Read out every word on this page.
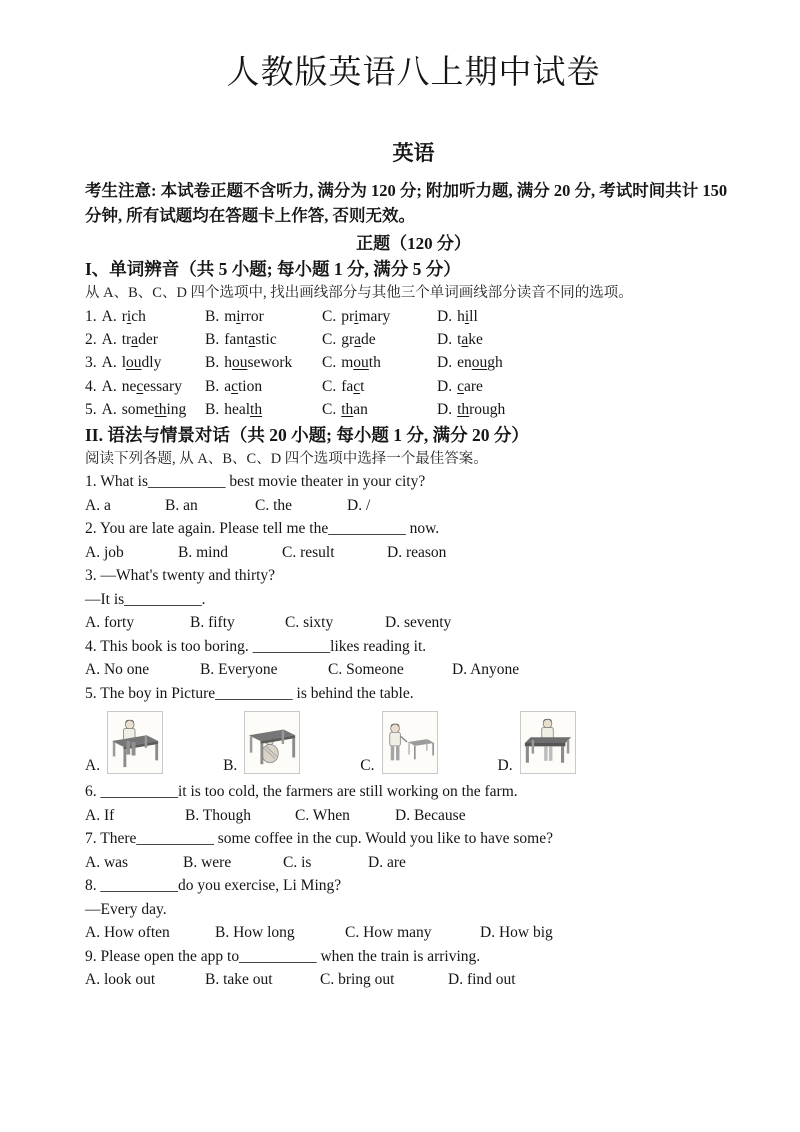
人教版英语八上期中试卷
英语

考生注意: 本试卷正题不含听力, 满分为 120 分; 附加听力题, 满分 20 分, 考试时间共计 150 分钟, 所有试题均在答题卡上作答, 否则无效。

正题（120 分）
I、单词辨音（共 5 小题; 每小题 1 分, 满分 5 分）
从 A、B、C、D 四个选项中, 找出画线部分与其他三个单词画线部分读音不同的选项。
1. A. rich	B. mirror	C. primary	D. hill
2. A. trader	B. fantastic	C. grade	D. take
3. A. loudly	B. housework	C. mouth	D. enough
4. A. necessary	B. action	C. fact	D. care
5. A. something	B. health	C. than	D. through
II. 语法与情景对话（共 20 小题; 每小题 1 分, 满分 20 分）
阅读下列各题, 从 A、B、C、D 四个选项中选择一个最佳答案。
1. What is__________ best movie theater in your city?
A. a	B. an	C. the	D. /
2. You are late again. Please tell me the__________ now.
A. job	B. mind	C. result	D. reason
3. —What's twenty and thirty?
—It is__________.
A. forty	B. fifty	C. sixty	D. seventy
4. This book is too boring. __________likes reading it.
A. No one	B. Everyone	C. Someone	D. Anyone
5. The boy in Picture__________ is behind the table.
A.	B.	C.	D.
6. __________it is too cold, the farmers are still working on the farm.
A. If	B. Though	C. When	D. Because
7. There__________ some coffee in the cup. Would you like to have some?
A. was	B. were	C. is	D. are
8. __________do you exercise, Li Ming?
—Every day.
A. How often	B. How long	C. How many	D. How big
9. Please open the app to__________ when the train is arriving.
A. look out	B. take out	C. bring out	D. find out
